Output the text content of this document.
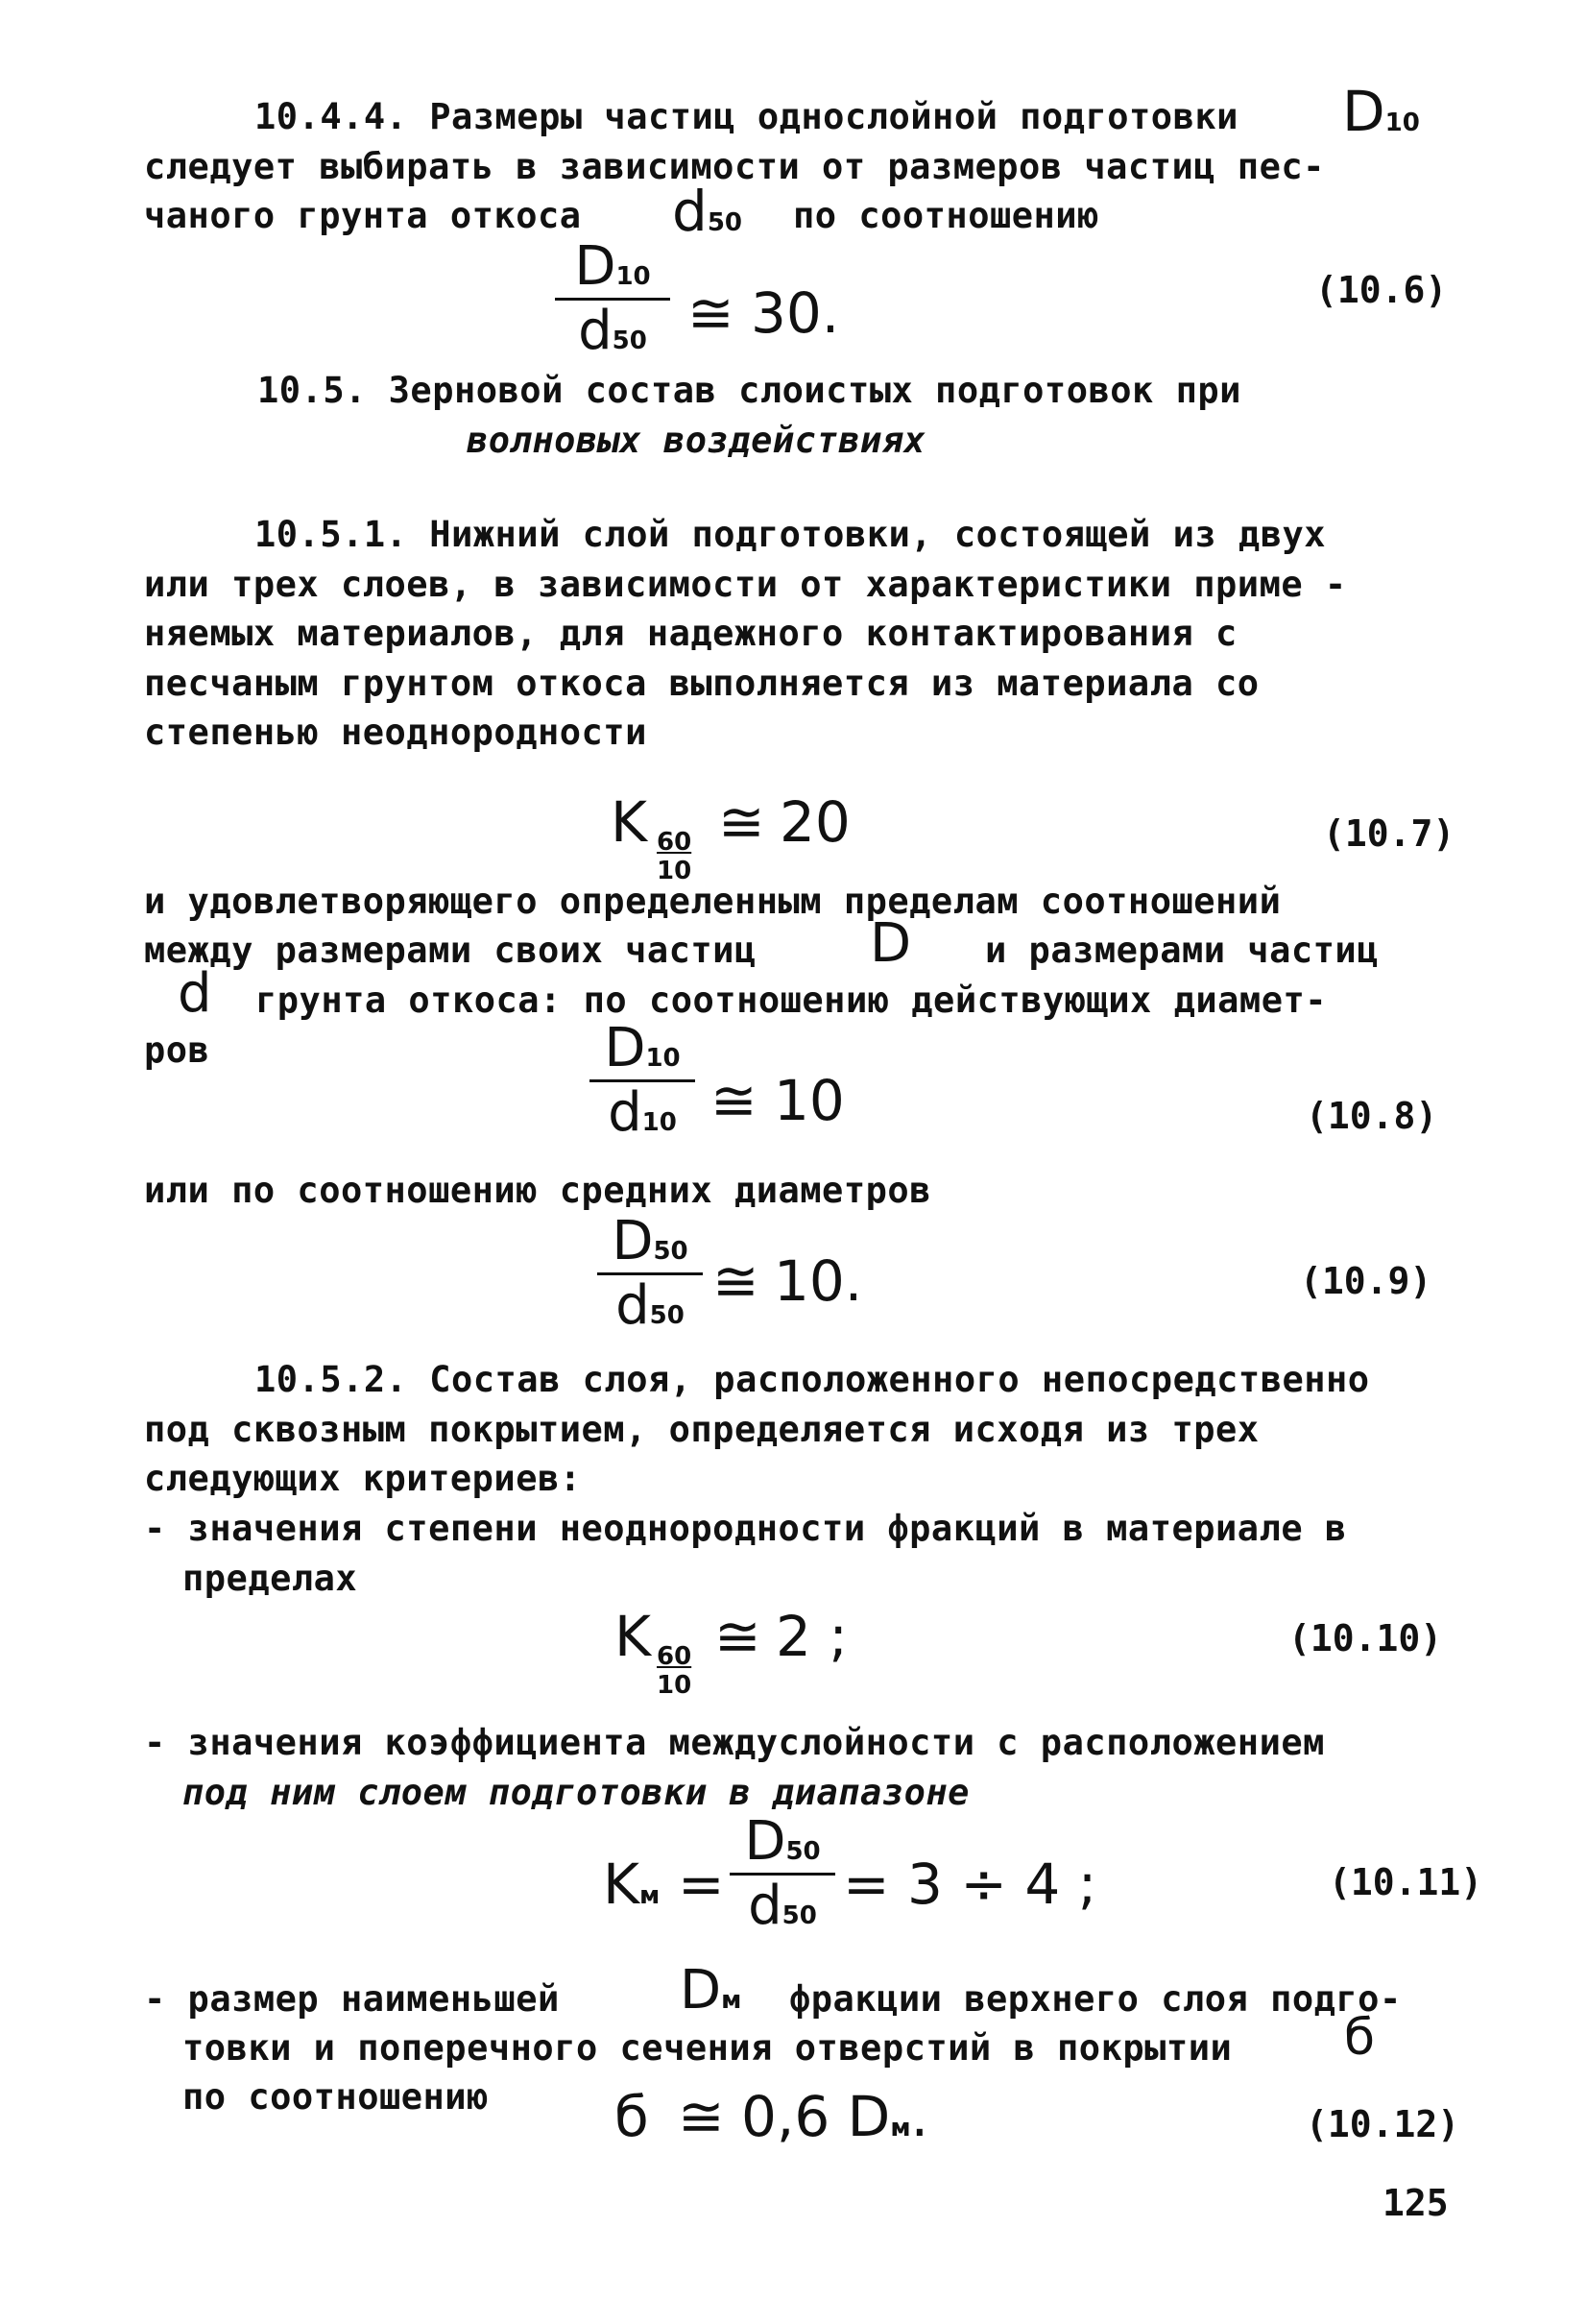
10.4.4. Размеры частиц однослойной подготовки D10
следует выбирать в зависимости от размеров частиц пес-
чаного грунта откоса d50 по соотношению
D10
d50 ≅ 30.	(10.6)
10.5. Зерновой состав слоистых подготовок при
волновых воздействиях
10.5.1. Нижний слой подготовки, состоящей из двух
или трех слоев, в зависимости от характеристики приме -
няемых материалов, для надежного контактирования с
песчаным грунтом откоса выполняется из материала со
степенью неоднородности
K 60
10
≅ 20	(10.7)
и удовлетворяющего определенным пределам соотношений
между размерами своих частиц D и размерами частиц
d грунта откоса: по соотношению действующих диамет-
ров	D10
d10 ≅ 10	(10.8)
или по соотношению средних диаметров
D50
d50
≅ 10.	(10.9)
10.5.2. Состав слоя, расположенного непосредственно
под сквозным покрытием, определяется исходя из трех
следующих критериев:
- значения степени неоднородности фракций в материале в
пределах
K 60
10
≅ 2 ;	(10.10)
- значения коэффициента междуслойности с расположением
под ним слоем подготовки в диапазоне
Kм =
D50
d50 = 3 ÷ 4 ;	(10.11)
- размер наименьшей Dм фракции верхнего слоя подго-
товки и поперечного сечения отверстий в покрытии б
по соотношению б ≅ 0,6 Dм.	(10.12)
125
